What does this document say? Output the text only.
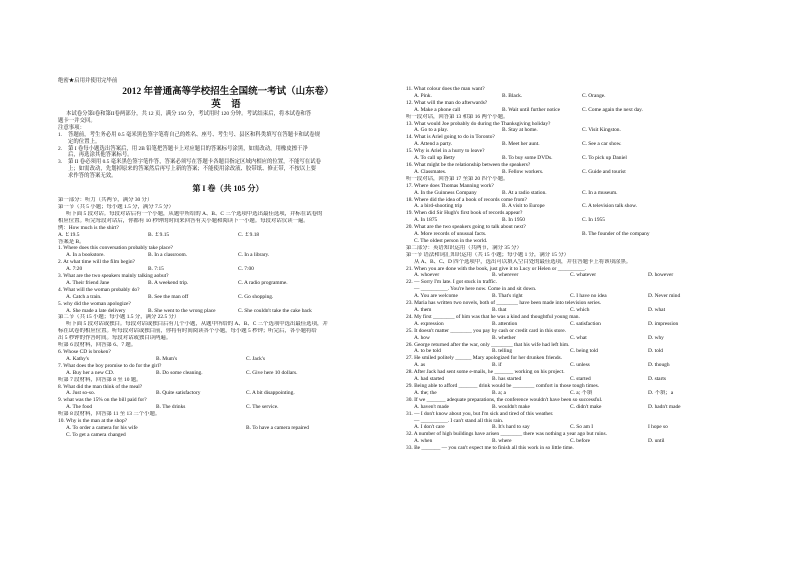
绝密★启用并使用完毕前
2012 年普通高等学校招生全国统一考试（山东卷）
英 语
本试卷分第I卷和第II卷两部分，共 12 页，满分 150 分，考试用时 120 分钟。考试结束后，将本试卷和答
题卡一并交回。
注意事项：
1.	答题前，考生务必用 0.5 毫米黑色签字笔将自己的姓名、座号、考生号、县区和科类填写在答题卡和试卷规
定的位置上。
2.	第 I 卷每小题选出答案后，用 2B 铅笔把答题卡上对应题目的答案标号涂黑，如需改动，用橡皮擦干净
后，再选涂其他答案标号。
3.	第 II 卷必须用 0.5 毫米黑色签字笔作答，答案必须写在答题卡各题目指定区域内相应的位置，不能写在试卷
上；如需改动，先划掉原来的答案然后再写上新的答案；不能使用涂改液、胶带纸、修正带，不按以上要
求作答的答案无效。
第 I 卷（共 105 分）
第一部分：听力（共两节，满分 30 分）
第一节（共 5 小题；每小题 1.5 分，满分 7.5 分）
听下面 5 段对话。每段对话后有一个小题，从题中所给的 A、B、C 三个选项中选出最佳选项，并标在试卷的
相应位置。听完每段对话后，你都有 10 秒钟的时间来回答有关小题和阅读下一小题。每段对话仅读一遍。
例：How much is the shirt?
A. ￡19.5	B. ￡9.15	C. ￡9.18
答案是 B。
1. Where does this conversation probably take place?
A. In a bookstore.	B. In a classroom.	C. In a library.
2. At what time will the film begin?
A. 7:20	B. 7:15	C. 7:00
3. What are the two speakers mainly talking aobut?
A. Their friend Jane	B. A weekend trip.	C. A radio programme.
4. What will the woman probably do?
A. Catch a train.	B. See the man off	C. Go shopping.
5. why did the woman apologize?
A. She made a late delivery	B. She went to the wrong place	C. She couldn't take the cake back
第二节（共 15 小题；每小题 1.5 分，满分 22.5 分）
听下面 5 段对话或独白。每段对话或独白后有几个小题，从题中所给的 A、B、C 三个选项中选出最佳选项，并
标在试卷的相应位置。听每段对话或独白前，你将有时间阅读各个小题，每小题 5 秒钟；听完后，各小题将给
出 5 秒钟的作答时间。每段对话或独白读两遍。
听第 6 段材料，回答第 6、7 题。
6. Whose CD is broken?
A. Kathy's	B. Mum's	C. Jack's
7. What does the boy promise to do for the girl?
A. Buy her a new CD.	B. Do some cleaning.	C. Give here 10 dollars.
听第 7 段材料，回答第 8 至 10 题。
8. What did the man think of the meal?
A. Just so-so.	B. Quite satisfactory	C. A bit disappointing.
9. what was the 15% on the bill paid for?
A. The food	B. The drinks	C. The service.
听第 8 段材料，回答第 11 至 13 三个小题。
10. Why is the man at the shop?
A. To order a camera for his wife	B. To have a camera repaired
C. To get a camera changed
11. What colour does the man want?
A. Pink.	B. Black.	C. Orange.
12. What will the man do afterwards?
A. Make a phone call	B. Wait until further notice	C. Come again the next day.
听一段对话，回答第 13 和第 16 两个小题。
13. What would Joe probably do during the Thanksgiving holiday?
A. Go to a play.	B. Stay at home.	C. Visit Kingston.
14. What is Ariel going to do in Toronto?
A. Attend a party.	B. Meet her aunt.	C. See a car show.
15. Why is Ariel in a hurry to leave?
A. To call up Betty	B. To buy some DVDs.	C. To pick up Daniel
16. What might be the relationship between the speakers?
A. Classmates.	B. Fellow workers.	C. Guide and tourist
听一段对话，回答第 17 至第 20 四个小题。
17. Where does Thomas Manning work?
A. In the Guinness Company	B. At a radio station.	C. In a museum.
18. Where did the idea of a book of records come from?
A. a bird-shooting trip	B. A visit to Europe	C. A television talk show.
19. When did Sir Hugh's first book of records appear?
A. In 1875	B. In 1950	C. In 1955
20. What are the two speakers going to talk about next?
A. More records of unusual facts.	B. The founder of the company
C. The oldest person in the world.
第二部分：英语知识运用（共两节，满分 35 分）
第一节 语法和词汇知识运用（共 15 小题；每小题 1 分，满分 15 分）
从 A、B、C、D 四个选项中，选出可以填入空白处的最佳选项，并在答题卡上将该项涂黑。
21. When you are done with the book, just give it to Lucy or Helen or __________.
A. whoever	B. wherever	C. whatever	D. however
22. — Sorry I'm late. I got stuck in traffic.
— __________. You're here now. Come in and sit down.
A. You are welcome	B. That's right	C. I have no idea	D. Never mind
23. Maria has written two novels, both of ________ have been made into television series.
A. them	B. that	C. which	D. what
24. My first ________ of him was that he was a kind and thoughtful young man.
A. expression	B. attention	C. satisfaction	D. impression
25. It doesn't matter ________ you pay by cash or credit card in this store.
A. how	B. whether	C. what	D. why
26. George returned after the war, only ________ that his wife had left him.
A. to be told	B. telling	C. being told	D. told
27. He smiled politely ______ Mary apologized for her drunken friends.
A. as	B. if	C. unless	D. though
28. After Jack had sent some e-mails, he _______ working on his project.
A. had started	B. has started	C. started	D. starts
29. Being able to afford _______ drink would be ________ comfort in those tough times.
A. the; the	B. a; a	C. a; 不填	D. 不填；a
30. If we _______ adequate preparations, the conference wouldn't have been so successful.
A. haven't made	B. wouldn't make	C. didn't make	D. hadn't made
31. — I don't know about you, but I'm sick and tired of this weather.
— __________. I can't stand all this rain.
A. I don't care	B. It's hard to say	C. So am I	I hope so
32. A number of high buildings have arisen ________ there was nothing a year ago but ruins.
A. when	B. where	C. before	D. until
33. Be _______ — you can't expect me to finish all this work in so little time.
